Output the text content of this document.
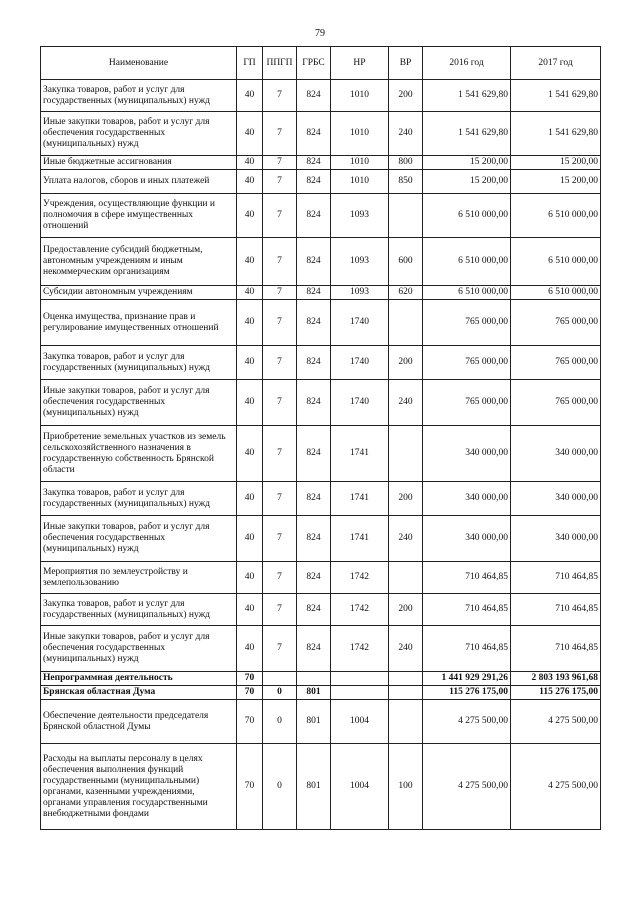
79
Наименование	ГП	ППГП	ГРБС	НР	ВР	2016 год	2017 год
Закупка товаров, работ и услуг для государственных (муниципальных) нужд	40	7	824	1010	200	1 541 629,80	1 541 629,80
Иные закупки товаров, работ и услуг для обеспечения государственных (муниципальных) нужд	40	7	824	1010	240	1 541 629,80	1 541 629,80
Иные бюджетные ассигнования	40	7	824	1010	800	15 200,00	15 200,00
Уплата налогов, сборов и иных платежей	40	7	824	1010	850	15 200,00	15 200,00
Учреждения, осуществляющие функции и полномочия в сфере имущественных отношений	40	7	824	1093		6 510 000,00	6 510 000,00
Предоставление субсидий бюджетным, автономным учреждениям и иным некоммерческим организациям	40	7	824	1093	600	6 510 000,00	6 510 000,00
Субсидии автономным учреждениям	40	7	824	1093	620	6 510 000,00	6 510 000,00
Оценка имущества, признание прав и регулирование имущественных отношений	40	7	824	1740		765 000,00	765 000,00
Закупка товаров, работ и услуг для государственных (муниципальных) нужд	40	7	824	1740	200	765 000,00	765 000,00
Иные закупки товаров, работ и услуг для обеспечения государственных (муниципальных) нужд	40	7	824	1740	240	765 000,00	765 000,00
Приобретение земельных участков из земель сельскохозяйственного назначения в государственную собственность Брянской области	40	7	824	1741		340 000,00	340 000,00
Закупка товаров, работ и услуг для государственных (муниципальных) нужд	40	7	824	1741	200	340 000,00	340 000,00
Иные закупки товаров, работ и услуг для обеспечения государственных (муниципальных) нужд	40	7	824	1741	240	340 000,00	340 000,00
Мероприятия по землеустройству и землепользованию	40	7	824	1742		710 464,85	710 464,85
Закупка товаров, работ и услуг для государственных (муниципальных) нужд	40	7	824	1742	200	710 464,85	710 464,85
Иные закупки товаров, работ и услуг для обеспечения государственных (муниципальных) нужд	40	7	824	1742	240	710 464,85	710 464,85
Непрограммная деятельность	70					1 441 929 291,26	2 803 193 961,68
Брянская областная Дума	70	0	801			115 276 175,00	115 276 175,00
Обеспечение деятельности председателя Брянской областной Думы	70	0	801	1004		4 275 500,00	4 275 500,00
Расходы на выплаты персоналу в целях обеспечения выполнения функций государственными (муниципальными) органами, казенными учреждениями, органами управления государственными внебюджетными фондами	70	0	801	1004	100	4 275 500,00	4 275 500,00
